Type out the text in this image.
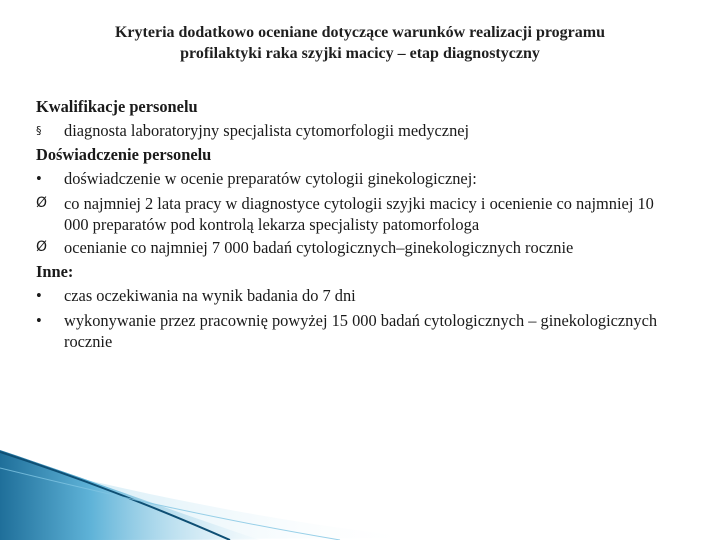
Kryteria dodatkowo oceniane dotyczące warunków realizacji programu
profilaktyki raka szyjki macicy – etap diagnostyczny
Kwalifikacje personelu
§	diagnosta laboratoryjny specjalista cytomorfologii medycznej
Doświadczenie personelu
•	doświadczenie w ocenie preparatów cytologii ginekologicznej:
Ø	co najmniej 2 lata pracy w diagnostyce cytologii szyjki macicy i ocenienie co najmniej 10 000 preparatów pod kontrolą lekarza specjalisty patomorfologa
Ø	ocenianie co najmniej 7 000 badań cytologicznych–ginekologicznych rocznie
Inne:
•	czas oczekiwania na wynik badania do 7 dni
•	wykonywanie przez pracownię powyżej 15 000 badań cytologicznych – ginekologicznych rocznie
